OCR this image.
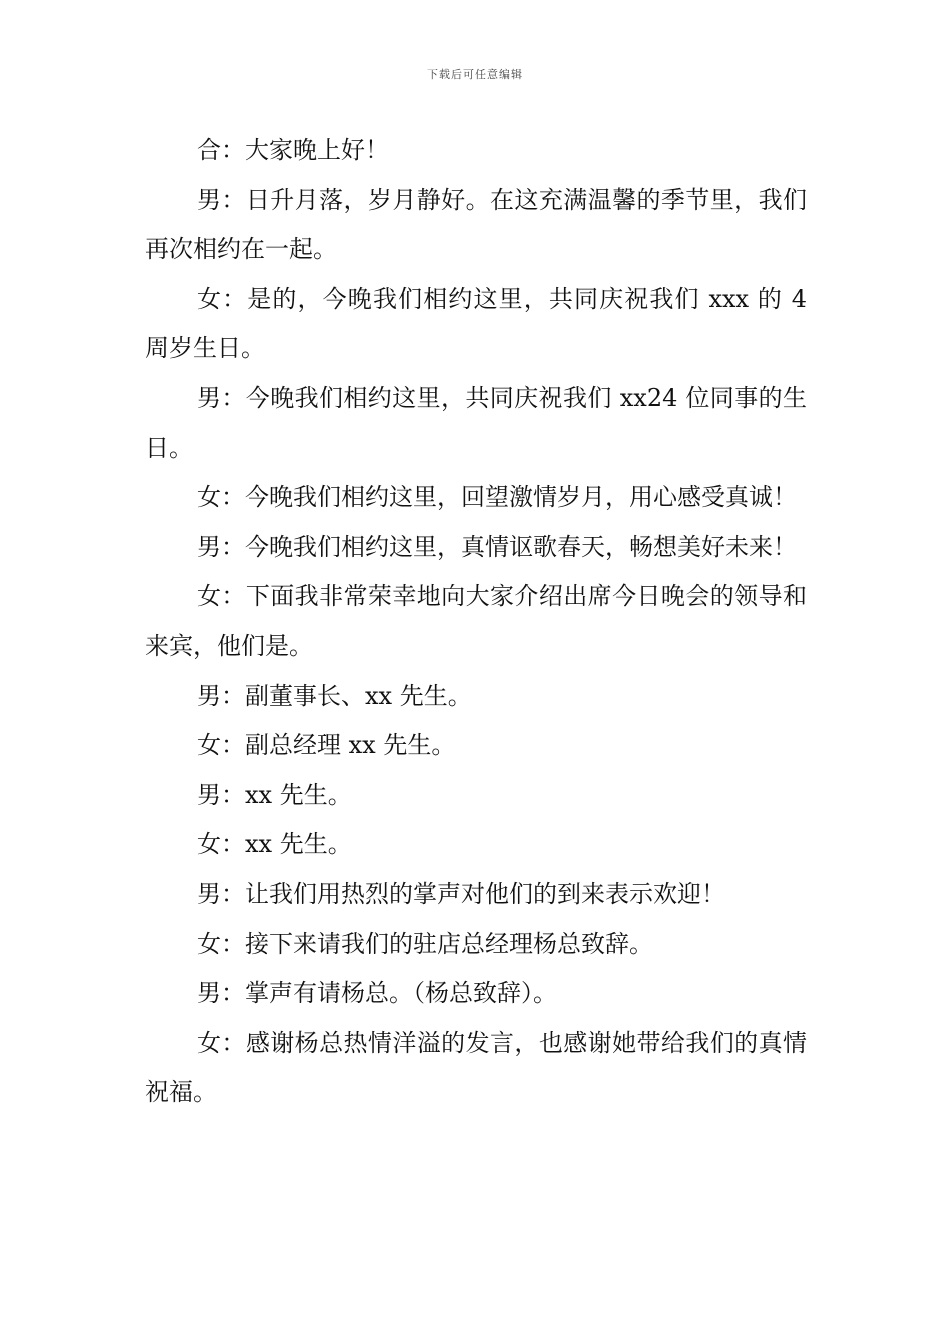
下载后可任意编辑

合：大家晚上好！

男：日升月落，岁月静好。在这充满温馨的季节里，我们再次相约在一起。

女：是的，今晚我们相约这里，共同庆祝我们 xxx 的 4 周岁生日。

男：今晚我们相约这里，共同庆祝我们 xx24 位同事的生日。

女：今晚我们相约这里，回望激情岁月，用心感受真诚！

男：今晚我们相约这里，真情讴歌春天，畅想美好未来！

女：下面我非常荣幸地向大家介绍出席今日晚会的领导和来宾，他们是。

男：副董事长、xx 先生。

女：副总经理 xx 先生。

男：xx 先生。

女：xx 先生。

男：让我们用热烈的掌声对他们的到来表示欢迎！

女：接下来请我们的驻店总经理杨总致辞。

男：掌声有请杨总。（杨总致辞）。

女：感谢杨总热情洋溢的发言，也感谢她带给我们的真情祝福。
